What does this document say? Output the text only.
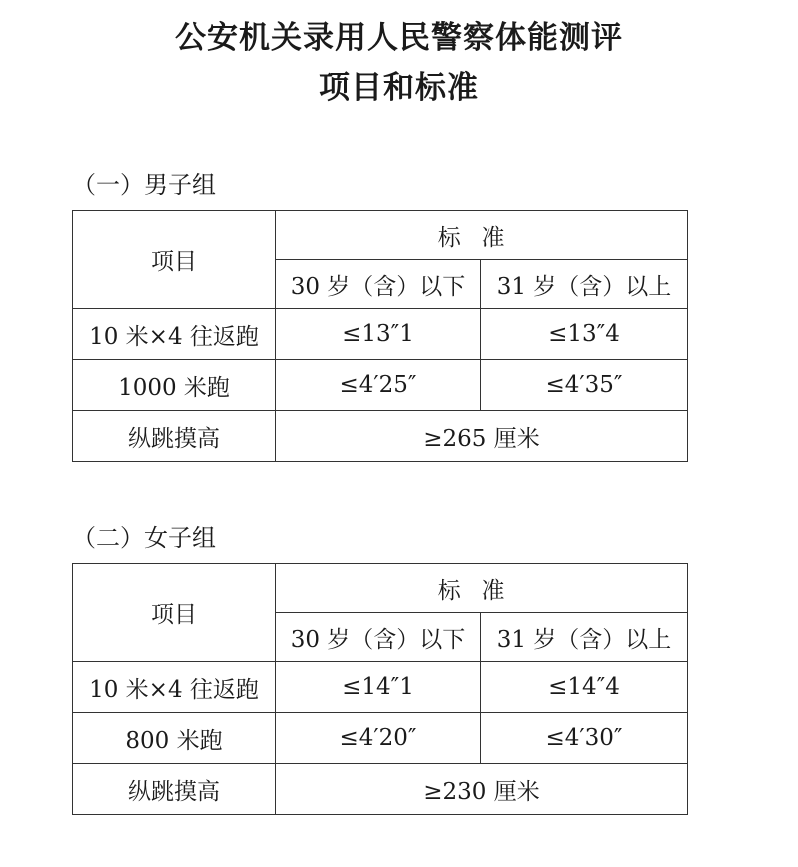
公安机关录用人民警察体能测评
项目和标准
（一）男子组
项目	标准	
	30 岁（含）以下	31 岁（含）以上
10 米×4 往返跑	≤13″1	≤13″4
1000 米跑	≤4′25″	≤4′35″
纵跳摸高	≥265 厘米	
（二）女子组
项目	标准	
	30 岁（含）以下	31 岁（含）以上
10 米×4 往返跑	≤14″1	≤14″4
800 米跑	≤4′20″	≤4′30″
纵跳摸高	≥230 厘米	
